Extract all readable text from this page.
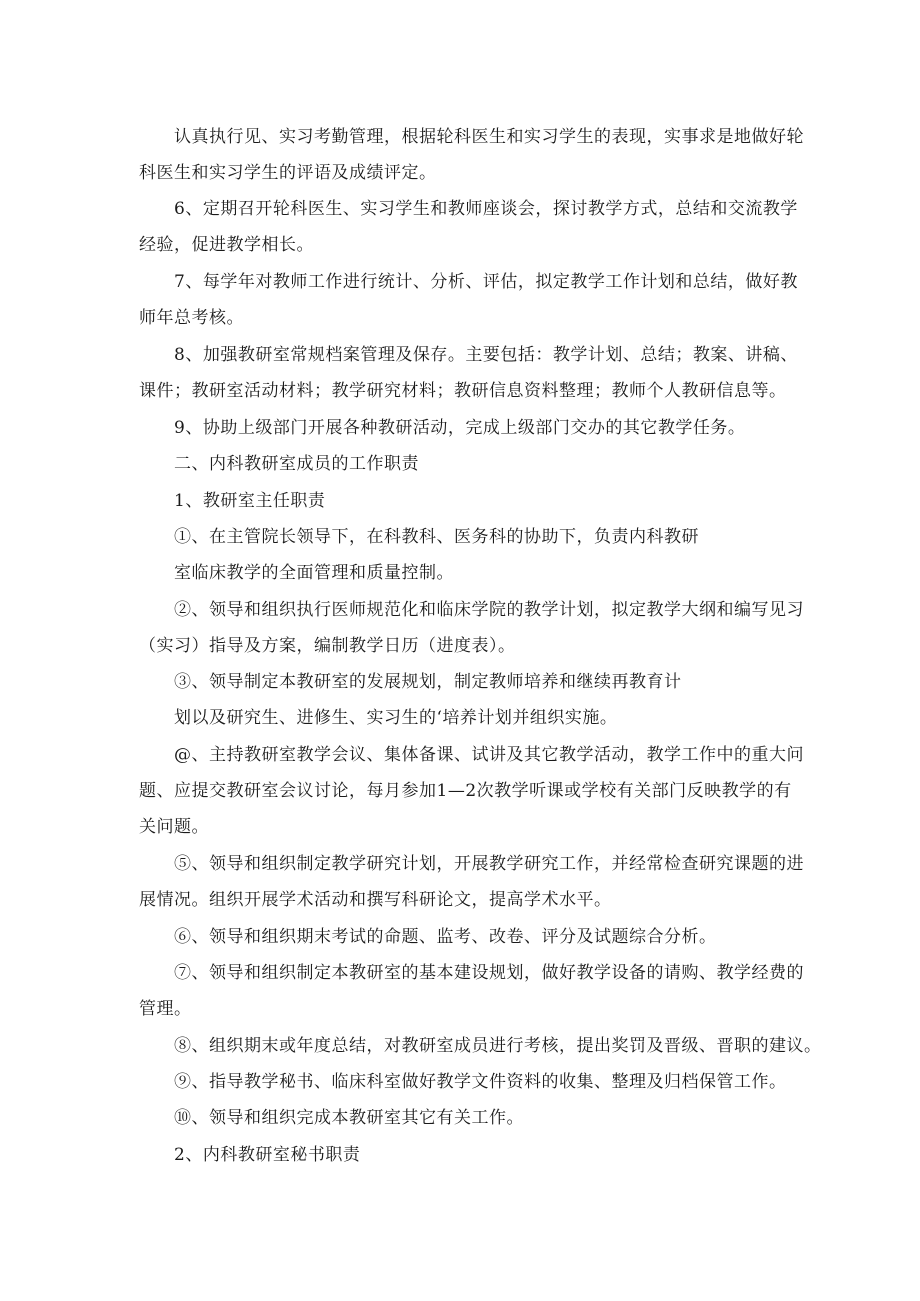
认真执行见、实习考勤管理，根据轮科医生和实习学生的表现，实事求是地做好轮
科医生和实习学生的评语及成绩评定。
6、定期召开轮科医生、实习学生和教师座谈会，探讨教学方式，总结和交流教学
经验，促进教学相长。
7、每学年对教师工作进行统计、分析、评估，拟定教学工作计划和总结，做好教
师年总考核。
8、加强教研室常规档案管理及保存。主要包括：教学计划、总结；教案、讲稿、
课件；教研室活动材料；教学研究材料；教研信息资料整理；教师个人教研信息等。
9、协助上级部门开展各种教研活动，完成上级部门交办的其它教学任务。
二、内科教研室成员的工作职责
1、教研室主任职责
①、在主管院长领导下，在科教科、医务科的协助下，负责内科教研
室临床教学的全面管理和质量控制。
②、领导和组织执行医师规范化和临床学院的教学计划，拟定教学大纲和编写见习
（实习）指导及方案，编制教学日历（进度表）。
③、领导制定本教研室的发展规划，制定教师培养和继续再教育计
划以及研究生、进修生、实习生的‘培养计划并组织实施。
@、主持教研室教学会议、集体备课、试讲及其它教学活动，教学工作中的重大问
题、应提交教研室会议讨论，每月参加1—2次教学听课或学校有关部门反映教学的有
关问题。
⑤、领导和组织制定教学研究计划，开展教学研究工作，并经常检查研究课题的进
展情况。组织开展学术活动和撰写科研论文，提高学术水平。
⑥、领导和组织期末考试的命题、监考、改卷、评分及试题综合分析。
⑦、领导和组织制定本教研室的基本建设规划，做好教学设备的请购、教学经费的
管理。
⑧、组织期末或年度总结，对教研室成员进行考核，提出奖罚及晋级、晋职的建议。
⑨、指导教学秘书、临床科室做好教学文件资料的收集、整理及归档保管工作。
⑩、领导和组织完成本教研室其它有关工作。
2、内科教研室秘书职责
